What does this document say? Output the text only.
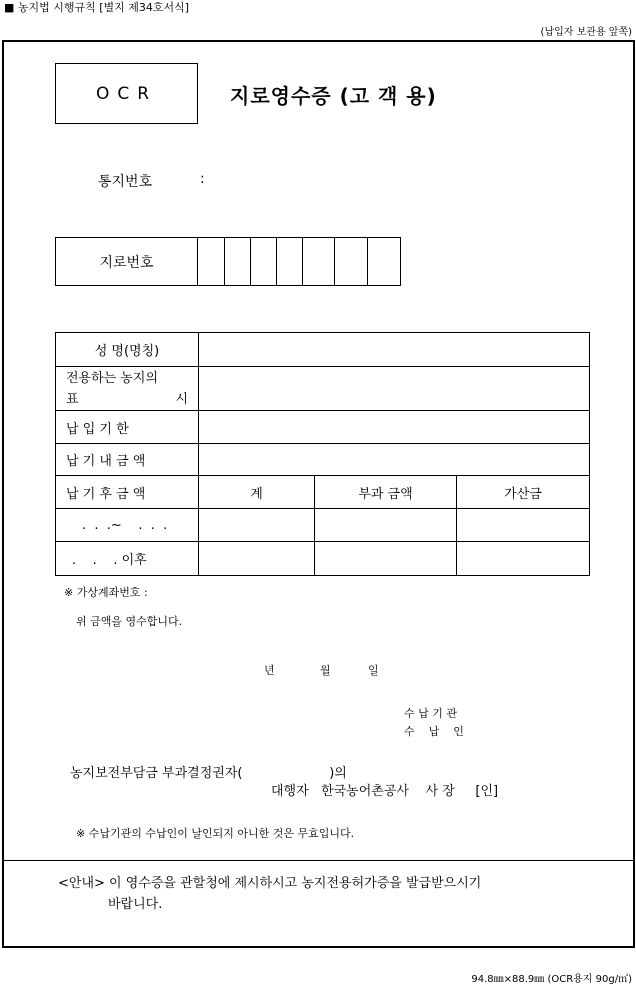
■ 농지법 시행규칙 [별지 제34호서식]
(납입자 보관용 앞쪽)
OCR	지로영수증 (고 객 용)
통지번호	:
지로번호
성 명(명칭)			

전용하는 농지의
표 시			

납 입 기 한			
납 기 내 금 액			
납 기 후 금 액	계	부과 금액	가산금
.  .  .~    .  .  .			
.    .    . 이후			
※ 가상계좌번호 :
위 금액을 영수합니다.
년	월	일
수 납 기 관
수    납    인
농지보전부담금 부과결정권자(                     )의
대행자   한국농어촌공사    사 장     [인]
※ 수납기관의 수납인이 날인되지 아니한 것은 무효입니다.
<안내> 이 영수증을 관할청에 제시하시고 농지전용허가증을 발급받으시기
바랍니다.
94.8㎜×88.9㎜ (OCR용지 90g/㎡)
